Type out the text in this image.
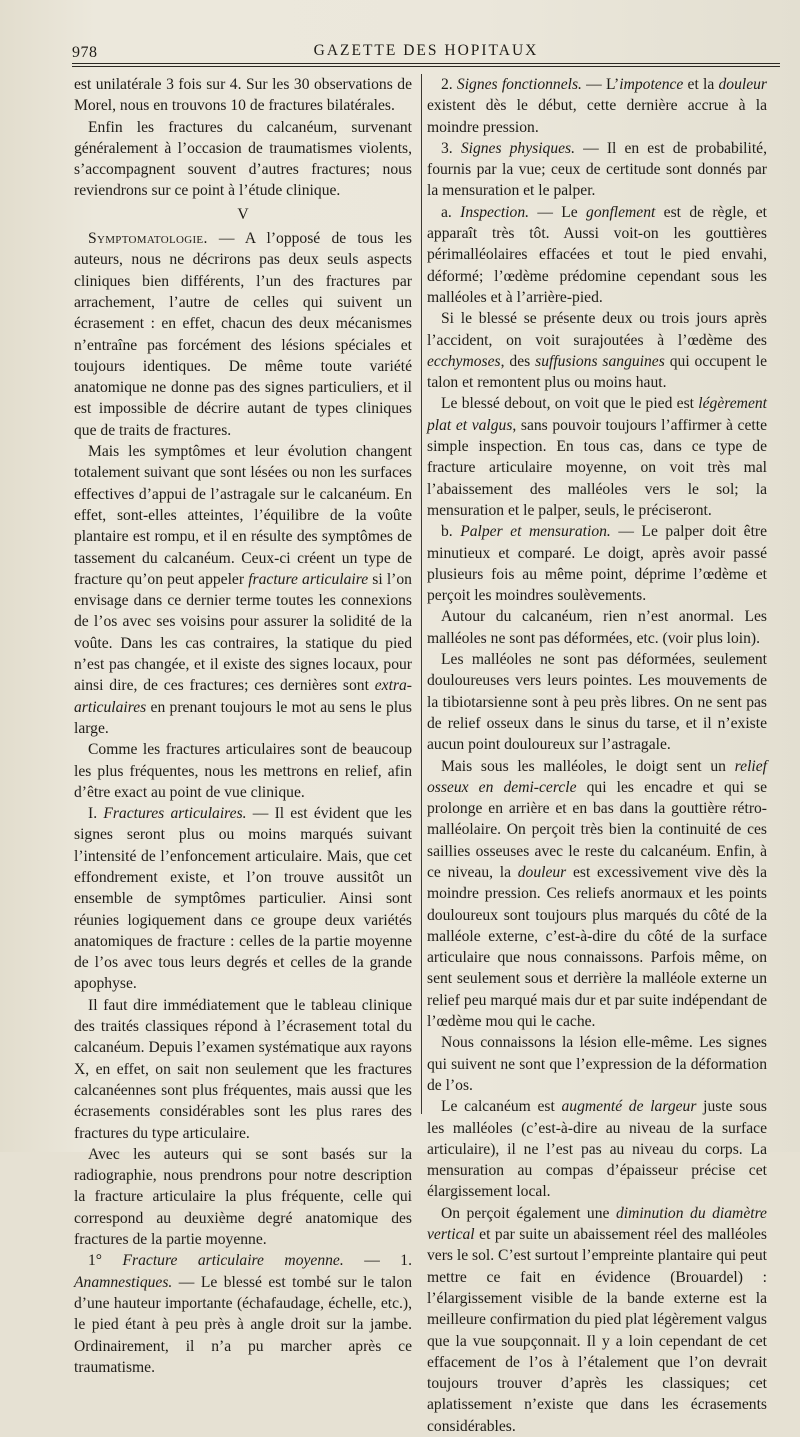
978	GAZETTE DES HOPITAUX

est unilatérale 3 fois sur 4. Sur les 30 observations de Morel, nous en trouvons 10 de fractures bilatérales.

Enfin les fractures du calcanéum, survenant généralement à l’occasion de traumatismes violents, s’accompagnent souvent d’autres fractures; nous reviendrons sur ce point à l’étude clinique.

V

Symptomatologie. — A l’opposé de tous les auteurs, nous ne décrirons pas deux seuls aspects cliniques bien différents, l’un des fractures par arrachement, l’autre de celles qui suivent un écrasement : en effet, chacun des deux mécanismes n’entraîne pas forcément des lésions spéciales et toujours identiques. De même toute variété anatomique ne donne pas des signes particuliers, et il est impossible de décrire autant de types cliniques que de traits de fractures.

Mais les symptômes et leur évolution changent totalement suivant que sont lésées ou non les surfaces effectives d’appui de l’astragale sur le calcanéum. En effet, sont-elles atteintes, l’équilibre de la voûte plantaire est rompu, et il en résulte des symptômes de tassement du calcanéum. Ceux-ci créent un type de fracture qu’on peut appeler fracture articulaire si l’on envisage dans ce dernier terme toutes les connexions de l’os avec ses voisins pour assurer la solidité de la voûte. Dans les cas contraires, la statique du pied n’est pas changée, et il existe des signes locaux, pour ainsi dire, de ces fractures; ces dernières sont extra-articulaires en prenant toujours le mot au sens le plus large.

Comme les fractures articulaires sont de beaucoup les plus fréquentes, nous les mettrons en relief, afin d’être exact au point de vue clinique.

I. Fractures articulaires. — Il est évident que les signes seront plus ou moins marqués suivant l’intensité de l’enfoncement articulaire. Mais, que cet effondrement existe, et l’on trouve aussitôt un ensemble de symptômes particulier. Ainsi sont réunies logiquement dans ce groupe deux variétés anatomiques de fracture : celles de la partie moyenne de l’os avec tous leurs degrés et celles de la grande apophyse.

Il faut dire immédiatement que le tableau clinique des traités classiques répond à l’écrasement total du calcanéum. Depuis l’examen systématique aux rayons X, en effet, on sait non seulement que les fractures calcanéennes sont plus fréquentes, mais aussi que les écrasements considérables sont les plus rares des fractures du type articulaire.

Avec les auteurs qui se sont basés sur la radiographie, nous prendrons pour notre description la fracture articulaire la plus fréquente, celle qui correspond au deuxième degré anatomique des fractures de la partie moyenne.

1° Fracture articulaire moyenne. — 1. Anamnestiques. — Le blessé est tombé sur le talon d’une hauteur importante (échafaudage, échelle, etc.), le pied étant à peu près à angle droit sur la jambe. Ordinairement, il n’a pu marcher après ce traumatisme.

2. Signes fonctionnels. — L’impotence et la douleur existent dès le début, cette dernière accrue à la moindre pression.

3. Signes physiques. — Il en est de probabilité, fournis par la vue; ceux de certitude sont donnés par la mensuration et le palper.

a. Inspection. — Le gonflement est de règle, et apparaît très tôt. Aussi voit-on les gouttières périmalléolaires effacées et tout le pied envahi, déformé; l’œdème prédomine cependant sous les malléoles et à l’arrière-pied.

Si le blessé se présente deux ou trois jours après l’accident, on voit surajoutées à l’œdème des ecchymoses, des suffusions sanguines qui occupent le talon et remontent plus ou moins haut.

Le blessé debout, on voit que le pied est légèrement plat et valgus, sans pouvoir toujours l’affirmer à cette simple inspection. En tous cas, dans ce type de fracture articulaire moyenne, on voit très mal l’abaissement des malléoles vers le sol; la mensuration et le palper, seuls, le préciseront.

b. Palper et mensuration. — Le palper doit être minutieux et comparé. Le doigt, après avoir passé plusieurs fois au même point, déprime l’œdème et perçoit les moindres soulèvements.

Autour du calcanéum, rien n’est anormal. Les malléoles ne sont pas déformées, etc. (voir plus loin).

Les malléoles ne sont pas déformées, seulement douloureuses vers leurs pointes. Les mouvements de la tibiotarsienne sont à peu près libres. On ne sent pas de relief osseux dans le sinus du tarse, et il n’existe aucun point douloureux sur l’astragale.

Mais sous les malléoles, le doigt sent un relief osseux en demi-cercle qui les encadre et qui se prolonge en arrière et en bas dans la gouttière rétro-malléolaire. On perçoit très bien la continuité de ces saillies osseuses avec le reste du calcanéum. Enfin, à ce niveau, la douleur est excessivement vive dès la moindre pression. Ces reliefs anormaux et les points douloureux sont toujours plus marqués du côté de la malléole externe, c’est-à-dire du côté de la surface articulaire que nous connaissons. Parfois même, on sent seulement sous et derrière la malléole externe un relief peu marqué mais dur et par suite indépendant de l’œdème mou qui le cache.

Nous connaissons la lésion elle-même. Les signes qui suivent ne sont que l’expression de la déformation de l’os.

Le calcanéum est augmenté de largeur juste sous les malléoles (c’est-à-dire au niveau de la surface articulaire), il ne l’est pas au niveau du corps. La mensuration au compas d’épaisseur précise cet élargissement local.

On perçoit également une diminution du diamètre vertical et par suite un abaissement réel des malléoles vers le sol. C’est surtout l’empreinte plantaire qui peut mettre ce fait en évidence (Brouardel) : l’élargissement visible de la bande externe est la meilleure confirmation du pied plat légèrement valgus que la vue soupçonnait. Il y a loin cependant de cet effacement de l’os à l’étalement que l’on devrait toujours trouver d’après les classiques; cet aplatissement n’existe que dans les écrasements considérables.
